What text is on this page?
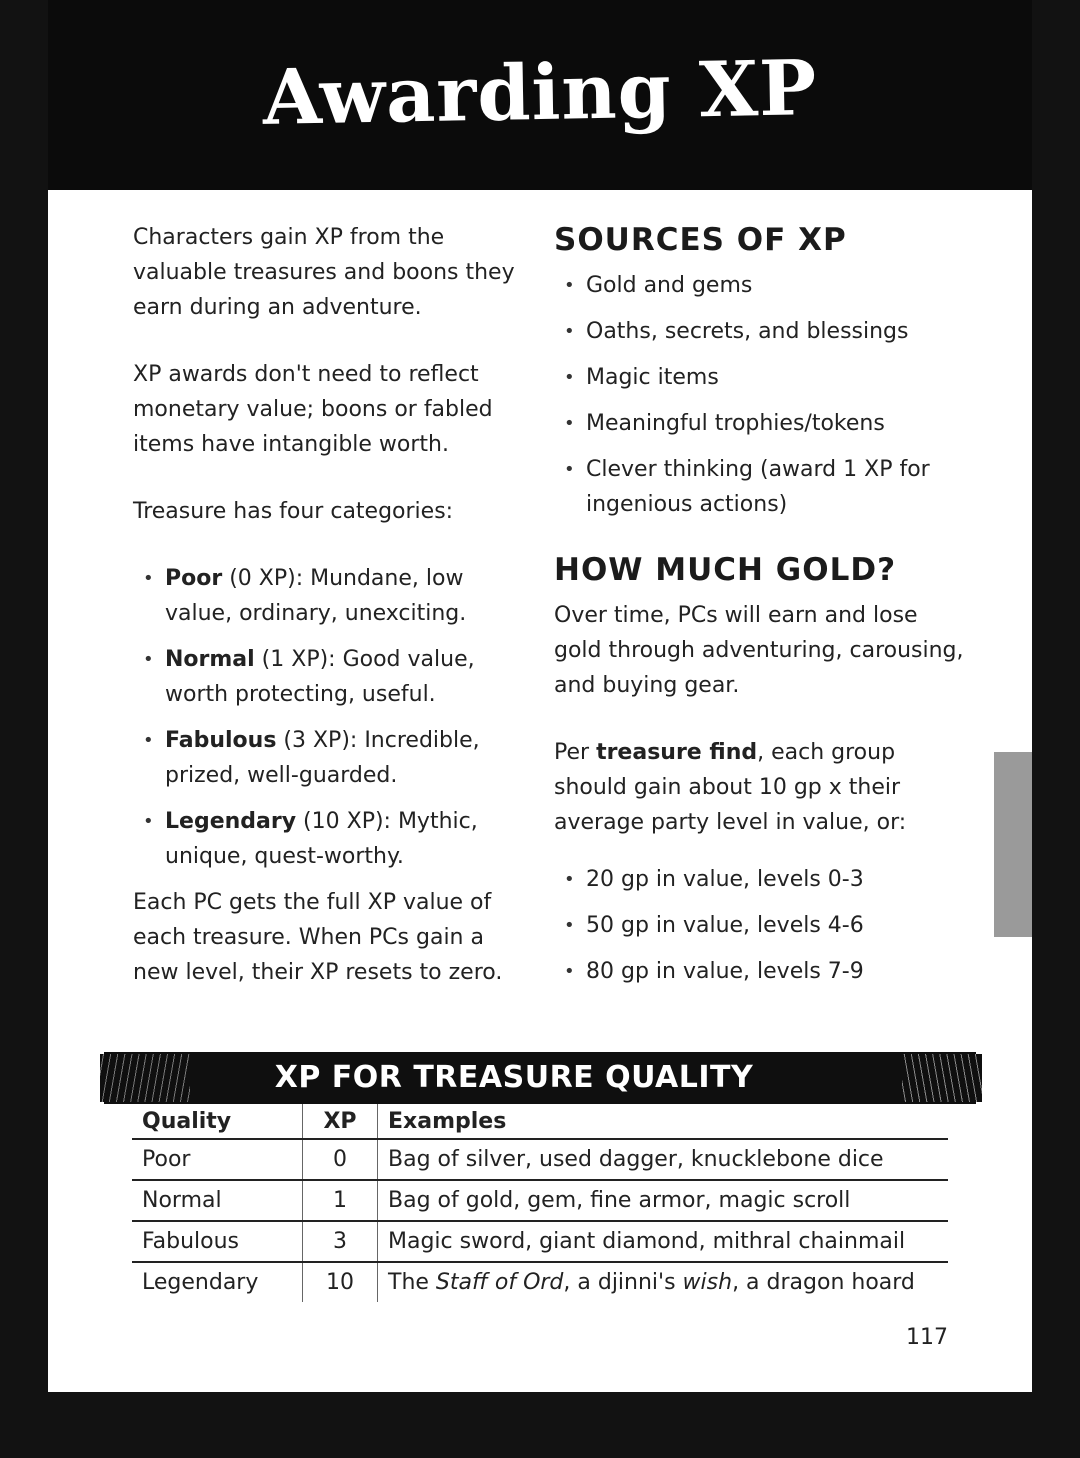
Awarding XP

Characters gain XP from the valuable treasures and boons they earn during an adventure.

XP awards don't need to reflect monetary value; boons or fabled items have intangible worth.

Treasure has four categories:

• Poor (0 XP): Mundane, low value, ordinary, unexciting.
• Normal (1 XP): Good value, worth protecting, useful.
• Fabulous (3 XP): Incredible, prized, well-guarded.
• Legendary (10 XP): Mythic, unique, quest-worthy.

Each PC gets the full XP value of each treasure. When PCs gain a new level, their XP resets to zero.

SOURCES OF XP
• Gold and gems
• Oaths, secrets, and blessings
• Magic items
• Meaningful trophies/tokens
• Clever thinking (award 1 XP for ingenious actions)
HOW MUCH GOLD?

Over time, PCs will earn and lose gold through adventuring, carousing, and buying gear.

Per treasure find, each group should gain about 10 gp x their average party level in value, or:

• 20 gp in value, levels 0-3
• 50 gp in value, levels 4-6
• 80 gp in value, levels 7-9
XP FOR TREASURE QUALITY
Quality	XP	Examples
Poor	0	Bag of silver, used dagger, knucklebone dice
Normal	1	Bag of gold, gem, fine armor, magic scroll
Fabulous	3	Magic sword, giant diamond, mithral chainmail
Legendary	10	The Staff of Ord, a djinni's wish, a dragon hoard
117
